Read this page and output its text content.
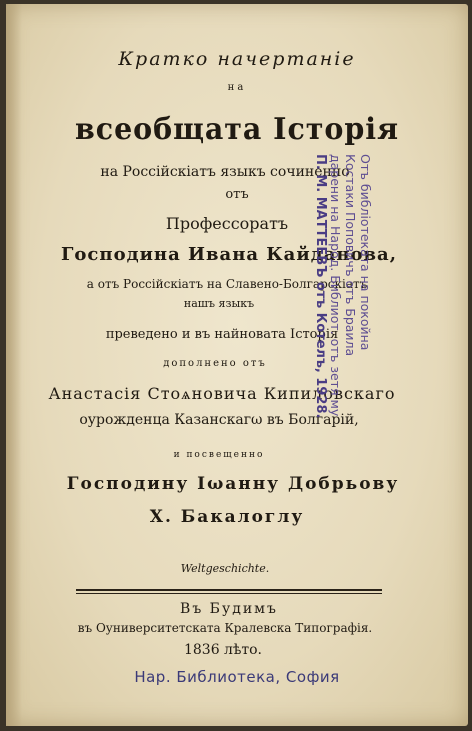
Кратко начертаніе
на
всеобщата Історія
на Россійскіатъ языкъ сочиненно
отъ
Профессоратъ
Господина Ивана Кайданова,
а отъ Россійскіатъ на Славено-Болгарскіатъ
нашъ языкъ
преведено и въ найновата Історія
дополнено отъ
Анастасія Стоѧновича Кипиловскаго
оурожденца Казанскагω въ Болгарій,
и посвещенно
Господину Іωанну Добрьову
Х. Бакалоглу
Weltgeschichte.
Въ Будимъ
въ Оуниверситетската Кралевска Типографія.
1836 лѣто.
Нар. Библиотека, София
Отъ библіотеката на покойна
Костаки Поповичъ отъ Браила
дарени на Народ. Библиот. отъ зетя му
П. М. МАТТЕЕВЪ отъ Котелъ, 1928.
